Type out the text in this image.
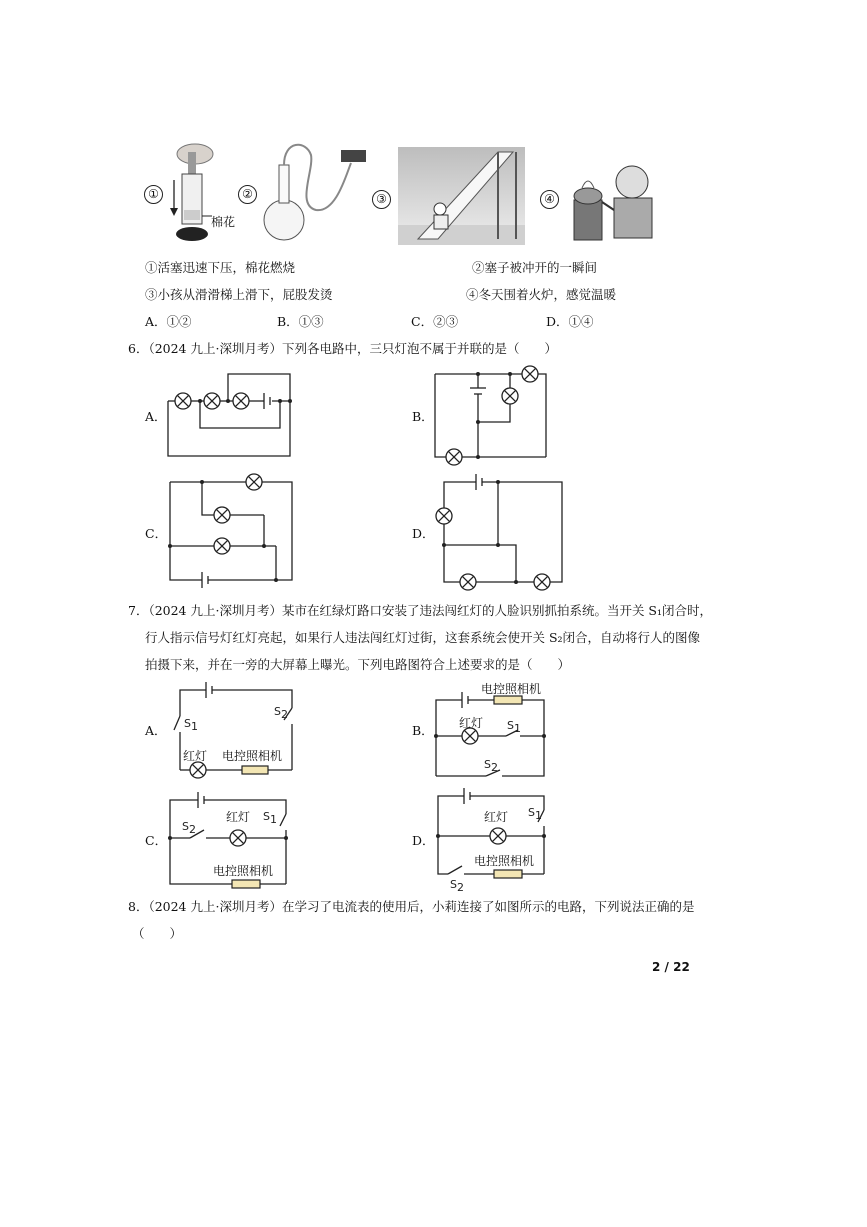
①
棉花
②	③	④
①活塞迅速下压，棉花燃烧	②塞子被冲开的一瞬间
③小孩从滑滑梯上滑下，屁股发烫	④冬天围着火炉，感觉温暖
A．①②	B．①③	C．②③	D．①④
6．（2024 九上·深圳月考）下列各电路中，三只灯泡不属于并联的是（　　）
A．	B．
C．	D．
7．（2024 九上·深圳月考）某市在红绿灯路口安装了违法闯红灯的人脸识别抓拍系统。当开关 S₁闭合时，
行人指示信号灯红灯亮起，如果行人违法闯红灯过街，这套系统会使开关 S₂闭合，自动将行人的图像
拍摄下来，并在一旁的大屏幕上曝光。下列电路图符合上述要求的是（　　）
A． S 1
S 2
红灯 电控照相机
B．	S 1
S 2
电控照相机
红灯
C．
S 2
S 1
红灯
电控照相机
D．
S 1
S 2
红灯
电控照相机
8．（2024 九上·深圳月考）在学习了电流表的使用后，小莉连接了如图所示的电路，下列说法正确的是
（　　）
2 / 22
